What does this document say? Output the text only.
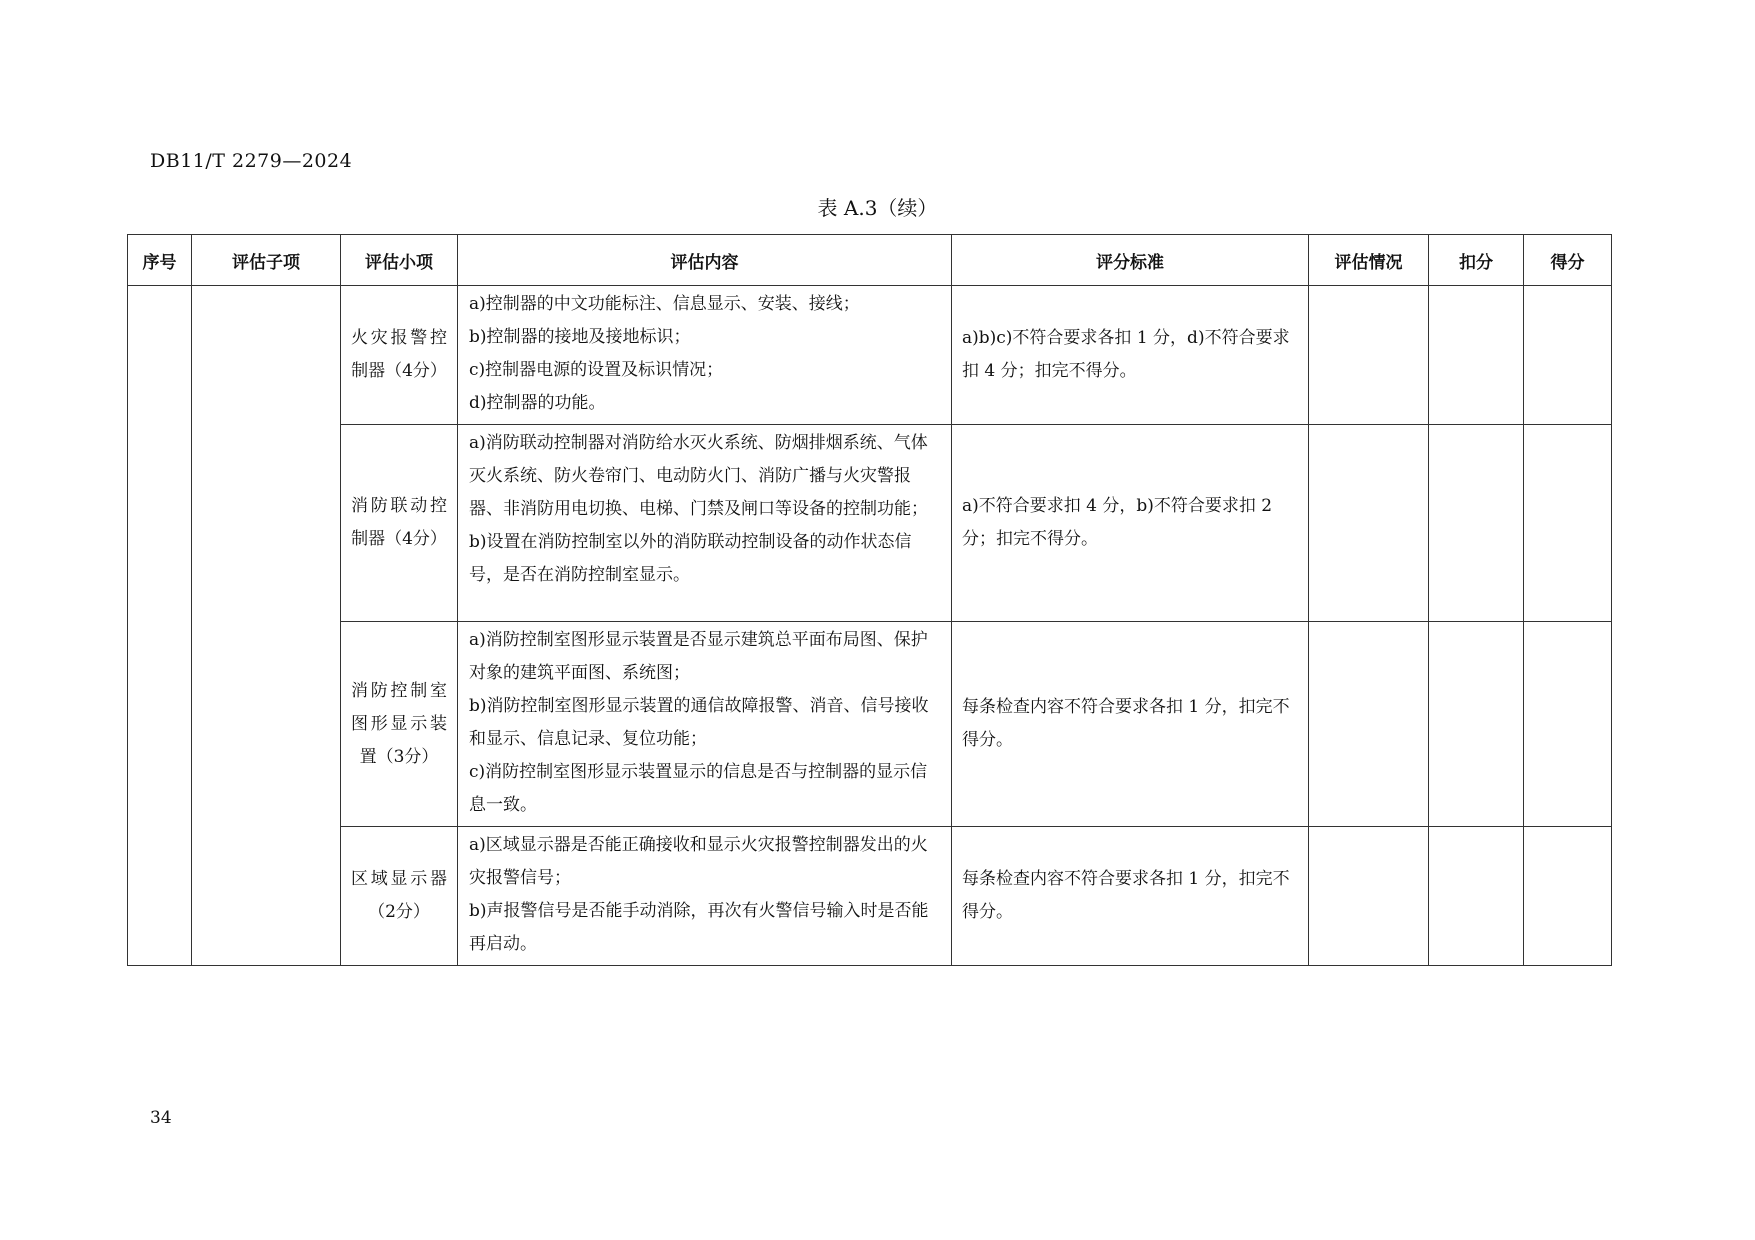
DB11/T 2279—2024
表 A.3（续）
序号	评估子项	评估小项	评估内容	评分标准	评估情况	扣分	得分

		火灾报警控制器（4分）	a)控制器的中文功能标注、信息显示、安装、接线；
b)控制器的接地及接地标识；
c)控制器电源的设置及标识情况；
d)控制器的功能。	a)b)c)不符合要求各扣 1 分，d)不符合要求扣 4 分；扣完不得分。			

		消防联动控制器（4分）	a)消防联动控制器对消防给水灭火系统、防烟排烟系统、气体灭火系统、防火卷帘门、电动防火门、消防广播与火灾警报器、非消防用电切换、电梯、门禁及闸口等设备的控制功能；
b)设置在消防控制室以外的消防联动控制设备的动作状态信号，是否在消防控制室显示。	a)不符合要求扣 4 分，b)不符合要求扣 2 分；扣完不得分。			

		消防控制室图形显示装置（3分）	a)消防控制室图形显示装置是否显示建筑总平面布局图、保护对象的建筑平面图、系统图；
b)消防控制室图形显示装置的通信故障报警、消音、信号接收和显示、信息记录、复位功能；
c)消防控制室图形显示装置显示的信息是否与控制器的显示信息一致。	每条检查内容不符合要求各扣 1 分，扣完不得分。			

		区域显示器（2分）	a)区域显示器是否能正确接收和显示火灾报警控制器发出的火灾报警信号；
b)声报警信号是否能手动消除，再次有火警信号输入时是否能再启动。	每条检查内容不符合要求各扣 1 分，扣完不得分。			
34
